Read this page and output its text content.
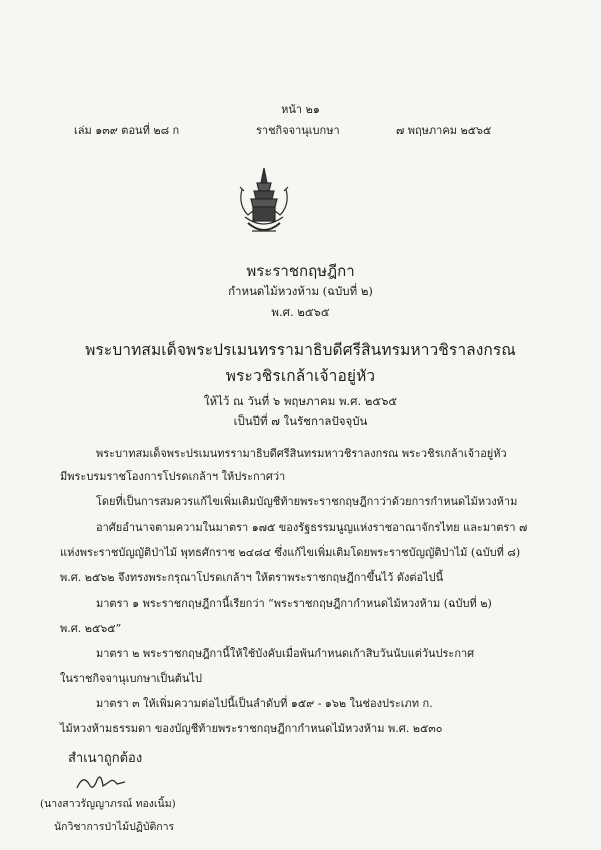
หน้า ๒๑
เล่ม ๑๓๙ ตอนที่ ๒๘ ก	ราชกิจจานุเบกษา	๗ พฤษภาคม ๒๕๖๕
พระราชกฤษฎีกา
กำหนดไม้หวงห้าม (ฉบับที่ ๒)
พ.ศ. ๒๕๖๕
พระบาทสมเด็จพระปรเมนทรรามาธิบดีศรีสินทรมหาวชิราลงกรณ
พระวชิรเกล้าเจ้าอยู่หัว
ให้ไว้ ณ วันที่ ๖ พฤษภาคม พ.ศ. ๒๕๖๕
เป็นปีที่ ๗ ในรัชกาลปัจจุบัน
พระบาทสมเด็จพระปรเมนทรรามาธิบดีศรีสินทรมหาวชิราลงกรณ พระวชิรเกล้าเจ้าอยู่หัว
มีพระบรมราชโองการโปรดเกล้าฯ ให้ประกาศว่า
โดยที่เป็นการสมควรแก้ไขเพิ่มเติมบัญชีท้ายพระราชกฤษฎีกาว่าด้วยการกำหนดไม้หวงห้าม
อาศัยอำนาจตามความในมาตรา ๑๗๕ ของรัฐธรรมนูญแห่งราชอาณาจักรไทย และมาตรา ๗
แห่งพระราชบัญญัติป่าไม้ พุทธศักราช ๒๔๘๔ ซึ่งแก้ไขเพิ่มเติมโดยพระราชบัญญัติป่าไม้ (ฉบับที่ ๘)
พ.ศ. ๒๕๖๒ จึงทรงพระกรุณาโปรดเกล้าฯ ให้ตราพระราชกฤษฎีกาขึ้นไว้ ดังต่อไปนี้
มาตรา ๑ พระราชกฤษฎีกานี้เรียกว่า “พระราชกฤษฎีกากำหนดไม้หวงห้าม (ฉบับที่ ๒)
พ.ศ. ๒๕๖๕”
มาตรา ๒ พระราชกฤษฎีกานี้ให้ใช้บังคับเมื่อพ้นกำหนดเก้าสิบวันนับแต่วันประกาศ
ในราชกิจจานุเบกษาเป็นต้นไป
มาตรา ๓ ให้เพิ่มความต่อไปนี้เป็นลำดับที่ ๑๕๙ - ๑๖๒ ในช่องประเภท ก.
ไม้หวงห้ามธรรมดา ของบัญชีท้ายพระราชกฤษฎีกากำหนดไม้หวงห้าม พ.ศ. ๒๕๓๐
สำเนาถูกต้อง
(นางสาวรัญญาภรณ์ ทองเนิ้ม)
นักวิชาการป่าไม้ปฏิบัติการ
